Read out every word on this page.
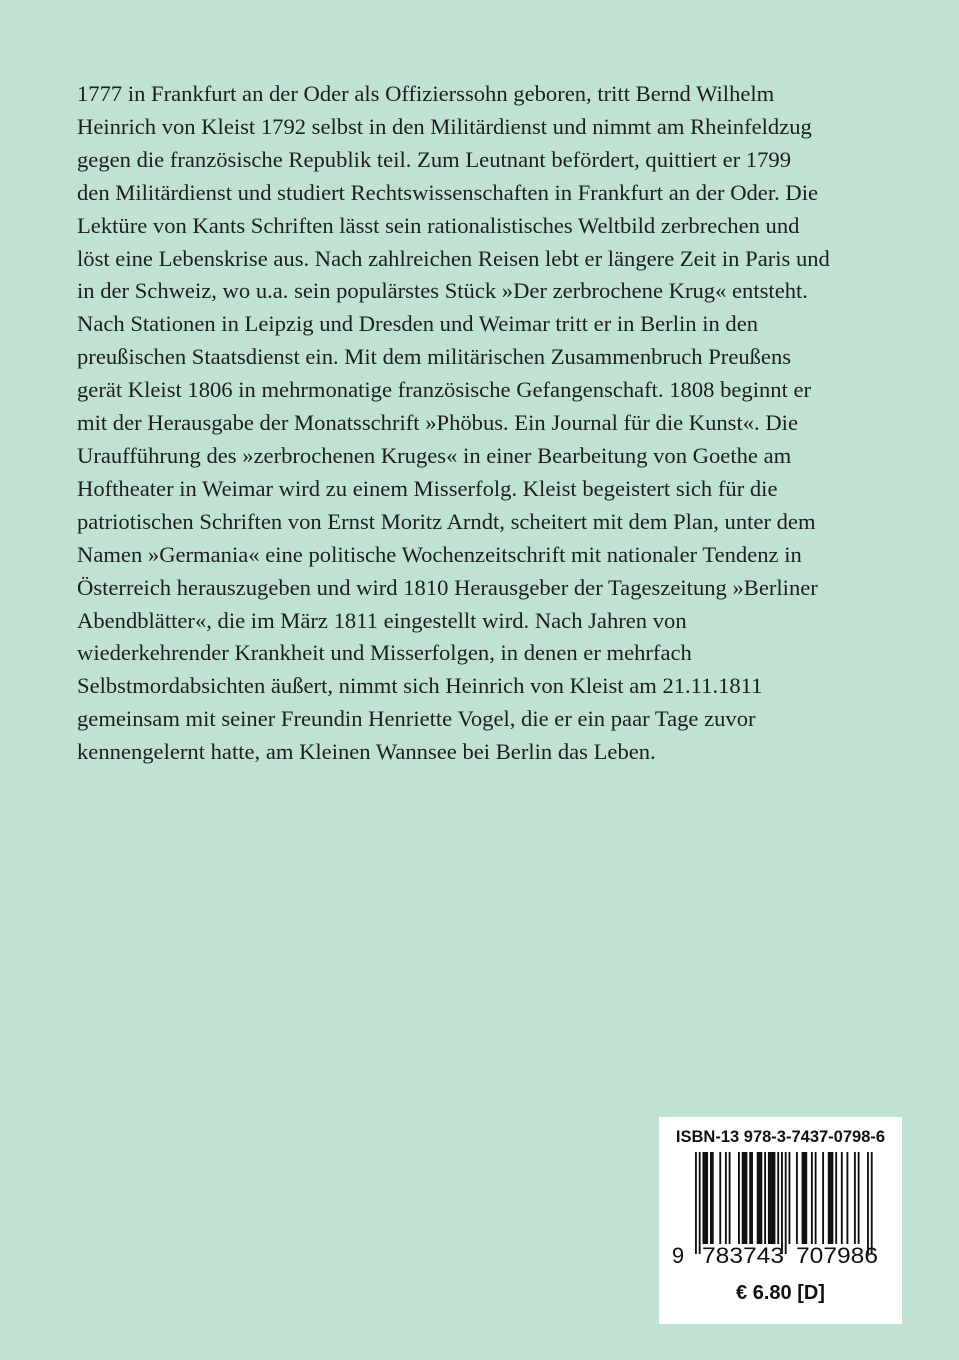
1777 in Frankfurt an der Oder als Offizierssohn geboren, tritt Bernd Wilhelm
Heinrich von Kleist 1792 selbst in den Militärdienst und nimmt am Rheinfeldzug
gegen die französische Republik teil. Zum Leutnant befördert, quittiert er 1799
den Militärdienst und studiert Rechtswissenschaften in Frankfurt an der Oder. Die
Lektüre von Kants Schriften lässt sein rationalistisches Weltbild zerbrechen und
löst eine Lebenskrise aus. Nach zahlreichen Reisen lebt er längere Zeit in Paris und
in der Schweiz, wo u.a. sein populärstes Stück »Der zerbrochene Krug« entsteht.
Nach Stationen in Leipzig und Dresden und Weimar tritt er in Berlin in den
preußischen Staatsdienst ein. Mit dem militärischen Zusammenbruch Preußens
gerät Kleist 1806 in mehrmonatige französische Gefangenschaft. 1808 beginnt er
mit der Herausgabe der Monatsschrift »Phöbus. Ein Journal für die Kunst«. Die
Uraufführung des »zerbrochenen Kruges« in einer Bearbeitung von Goethe am
Hoftheater in Weimar wird zu einem Misserfolg. Kleist begeistert sich für die
patriotischen Schriften von Ernst Moritz Arndt, scheitert mit dem Plan, unter dem
Namen »Germania« eine politische Wochenzeitschrift mit nationaler Tendenz in
Österreich herauszugeben und wird 1810 Herausgeber der Tageszeitung »Berliner
Abendblätter«, die im März 1811 eingestellt wird. Nach Jahren von
wiederkehrender Krankheit und Misserfolgen, in denen er mehrfach
Selbstmordabsichten äußert, nimmt sich Heinrich von Kleist am 21.11.1811
gemeinsam mit seiner Freundin Henriette Vogel, die er ein paar Tage zuvor
kennengelernt hatte, am Kleinen Wannsee bei Berlin das Leben.
ISBN-13 978-3-7437-0798-6
9 783743 707986
€ 6.80 [D]
